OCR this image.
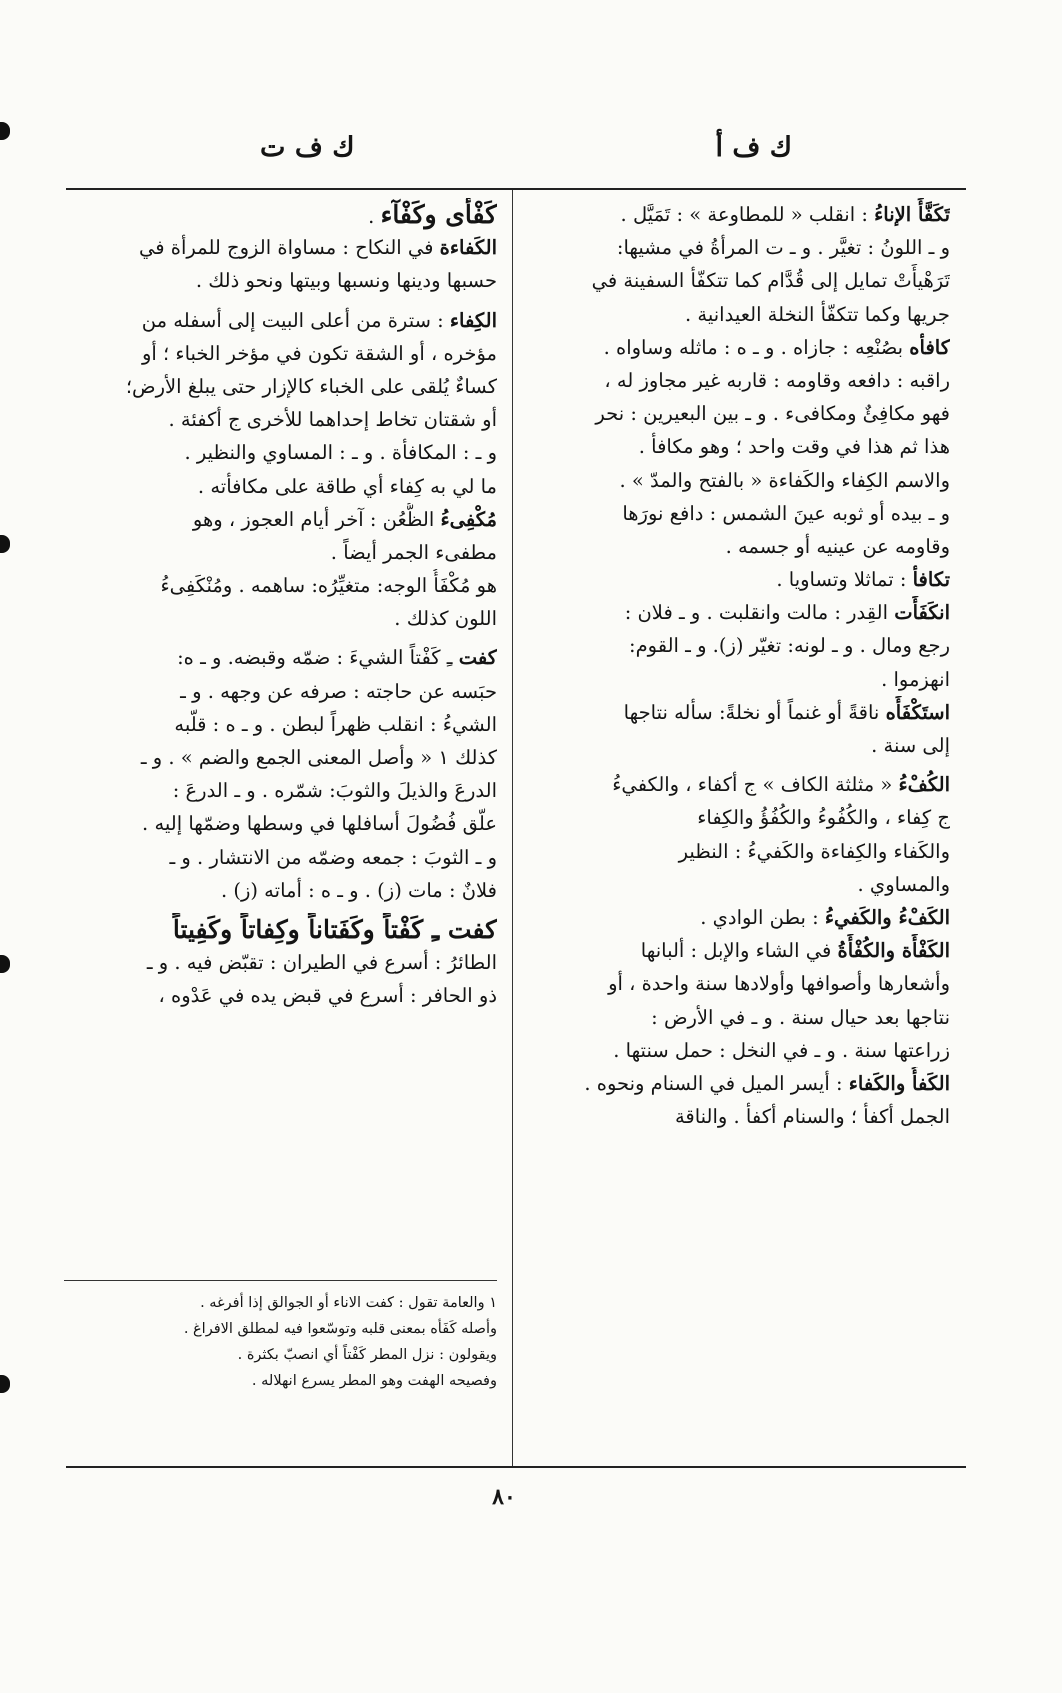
ك ف أ
ك ف ت
تَكَفَّأَ الإناءُ : انقلب « للمطاوعة » : تَمَيَّل .
و ـ اللونُ : تغيَّر . و ـ ت المرأةُ في مشيها:
تَرَهْيأَتْ تمايل إلى قُدَّام كما تتكفّأ السفينة في
جريها وكما تتكفّأ النخلة العيدانية .
كافأه بصُنْعِه : جازاه . و ـ ه : ماثله وساواه .
راقبه : دافعه وقاومه : قاربه غير مجاوز له ،
فهو مكافِئٌ ومكافىء . و ـ بين البعيرين : نحر
هذا ثم هذا في وقت واحد ؛ وهو مكافأ .
والاسم الكِفاء والكَفاءة « بالفتح والمدّ » .
و ـ بيده أو ثوبه عينَ الشمس : دافع نورَها
وقاومه عن عينيه أو جسمه .
تكافأ : تماثلا وتساويا .
انكَفَأَت القِدر : مالت وانقلبت . و ـ فلان :
رجع ومال . و ـ لونه: تغيّر (ز). و ـ القوم:
انهزموا .
استَكْفَأَه ناقةً أو غنماً أو نخلةً: سأله نتاجها
إلى سنة .
الكُفْءُ « مثلثة الكاف » ج أكفاء ، والكفيءُ
ج كِفاء ، والكُفُوءُ والكُفُؤُ والكِفاء
والكَفاء والكِفاءة والكَفيءُ : النظير
والمساوي .
الكَفْءُ والكَفيءُ : بطن الوادي .
الكَفْأَة والكُفْأَةُ في الشاء والإبل : ألبانها
وأشعارها وأصوافها وأولادها سنة واحدة ، أو
نتاجها بعد حيال سنة . و ـ في الأرض :
زراعتها سنة . و ـ في النخل : حمل سنتها .
الكَفأُ والكَفاء : أيسر الميل في السنام ونحوه .
الجمل أكفأ ؛ والسنام أكفأ . والناقة
كَفْأَى وكَفْآء .
الكَفاءة في النكاح : مساواة الزوج للمرأة في
حسبها ودينها ونسبها وبيتها ونحو ذلك .
الكِفاء : سترة من أعلى البيت إلى أسفله من
مؤخره ، أو الشقة تكون في مؤخر الخباء ؛ أو
كساءٌ يُلقى على الخباء كالإزار حتى يبلغ الأرض؛
أو شقتان تخاط إحداهما للأخرى ج أكفئة .
و ـ : المكافأة . و ـ : المساوي والنظير .
ما لي به كِفاء أي طاقة على مكافأته .
مُكْفِىءُ الظُّعُن : آخر أيام العجوز ، وهو
مطفىء الجمر أيضاً .
هو مُكْفَأُ الوجه: متغيِّرُه: ساهمه . ومُنْكَفِىءُ
اللون كذلك .
كفت ـِ كَفْتاً الشيءَ : ضمّه وقبضه. و ـ ه:
حبَسه عن حاجته : صرفه عن وجهه . و ـ
الشيءُ : انقلب ظهراً لبطن . و ـ ه : قلّبه
كذلك ١ « وأصل المعنى الجمع والضم » . و ـ
الدرعَ والذيلَ والثوبَ: شمّره . و ـ الدرعَ :
علّق فُضُولَ أسافلها في وسطها وضمّها إليه .
و ـ الثوبَ : جمعه وضمّه من الانتشار . و ـ
فلانٌ : مات (ز) . و ـ ه : أماته (ز) .
كفت ـِ كَفْتاً وكَفَتاناً وكِفاتاً وكَفِيتاً
الطائرُ : أسرع في الطيران : تقبّض فيه . و ـ
ذو الحافر : أسرع في قبض يده في عَدْوه ،
١ والعامة تقول : كفت الاناء أو الجوالق إذا أفرغه .
وأصله كَفَأه بمعنى قلبه وتوسّعوا فيه لمطلق الافراغ .
ويقولون : نزل المطر كَفْتاً أي انصبّ بكثرة .
وفصيحه الهفت وهو المطر يسرع انهلاله .
٨٠
